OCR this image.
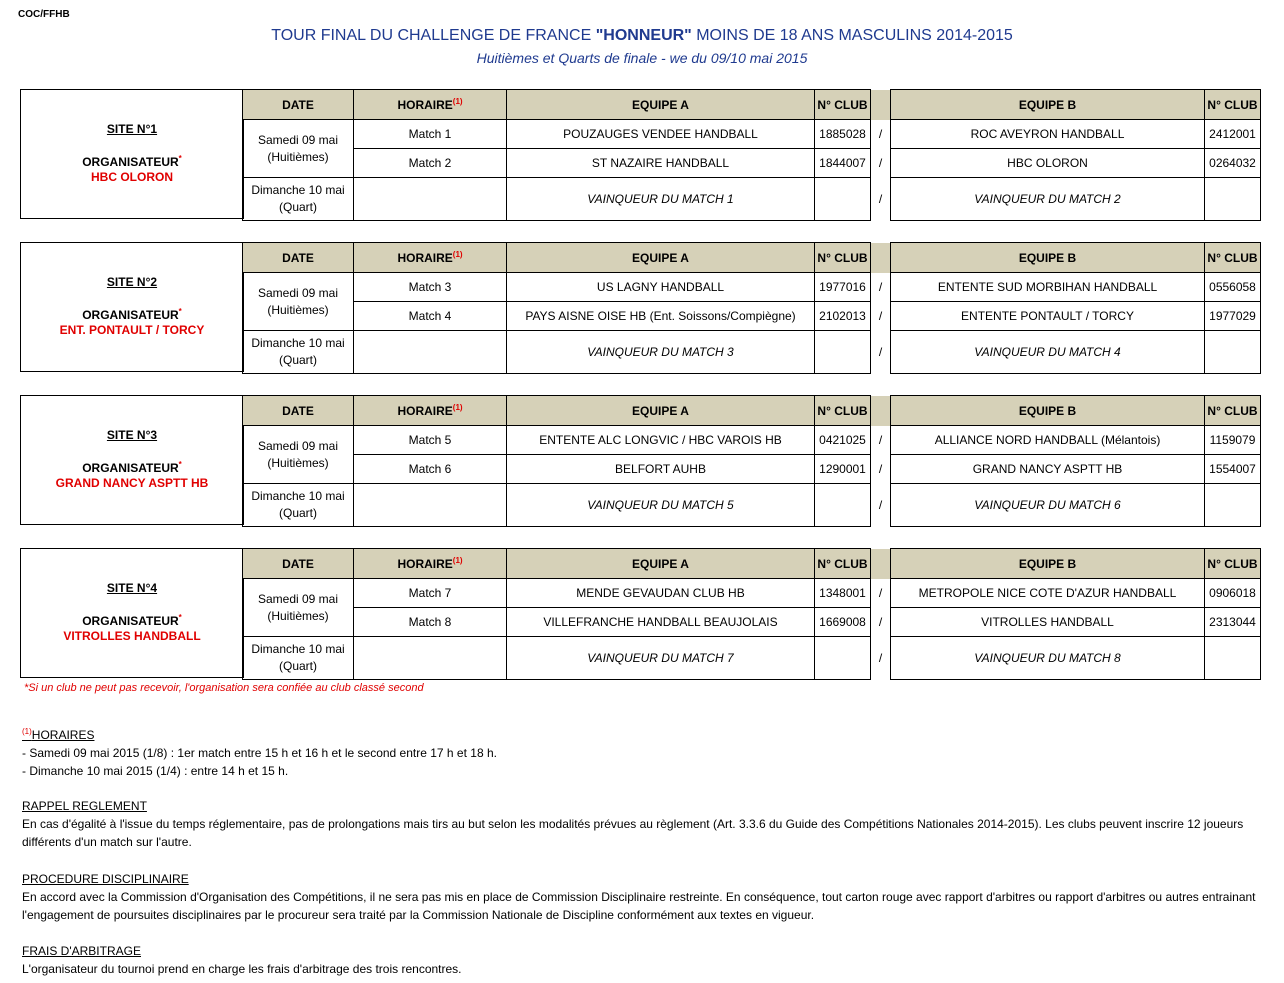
COC/FFHB
TOUR FINAL DU CHALLENGE DE FRANCE "HONNEUR" MOINS DE 18 ANS MASCULINS 2014-2015
Huitièmes et Quarts de finale - we du 09/10 mai 2015
SITE N°1
ORGANISATEUR*
HBC OLORON
DATE	HORAIRE$^{(1)}$	EQUIPE A	N° CLUB		EQUIPE B	N° CLUB
Samedi 09 mai (Huitièmes)	Match 1	POUZAUGES VENDEE HANDBALL	1885028	/	ROC AVEYRON HANDBALL	2412001
	Match 2	ST NAZAIRE HANDBALL	1844007	/	HBC OLORON	0264032
Dimanche 10 mai (Quart)		VAINQUEUR DU MATCH 1		/	VAINQUEUR DU MATCH 2	
SITE N°2
ORGANISATEUR*
ENT. PONTAULT / TORCY
DATE	HORAIRE$^{(1)}$	EQUIPE A	N° CLUB		EQUIPE B	N° CLUB
Samedi 09 mai (Huitièmes)	Match 3	US LAGNY HANDBALL	1977016	/	ENTENTE SUD MORBIHAN HANDBALL	0556058
	Match 4	PAYS AISNE OISE HB (Ent. Soissons/Compiègne)	2102013	/	ENTENTE PONTAULT / TORCY	1977029
Dimanche 10 mai (Quart)		VAINQUEUR DU MATCH 3		/	VAINQUEUR DU MATCH 4	
SITE N°3
ORGANISATEUR*
GRAND NANCY ASPTT HB
DATE	HORAIRE$^{(1)}$	EQUIPE A	N° CLUB		EQUIPE B	N° CLUB
Samedi 09 mai (Huitièmes)	Match 5	ENTENTE ALC LONGVIC / HBC VAROIS HB	0421025	/	ALLIANCE NORD HANDBALL (Mélantois)	1159079
	Match 6	BELFORT AUHB	1290001	/	GRAND NANCY ASPTT HB	1554007
Dimanche 10 mai (Quart)		VAINQUEUR DU MATCH 5		/	VAINQUEUR DU MATCH 6	
SITE N°4
ORGANISATEUR*
VITROLLES HANDBALL
DATE	HORAIRE$^{(1)}$	EQUIPE A	N° CLUB		EQUIPE B	N° CLUB
Samedi 09 mai (Huitièmes)	Match 7	MENDE GEVAUDAN CLUB HB	1348001	/	METROPOLE NICE COTE D'AZUR HANDBALL	0906018
	Match 8	VILLEFRANCHE HANDBALL BEAUJOLAIS	1669008	/	VITROLLES HANDBALL	2313044
Dimanche 10 mai (Quart)		VAINQUEUR DU MATCH 7		/	VAINQUEUR DU MATCH 8	
*Si un club ne peut pas recevoir, l'organisation sera confiée au club classé second
$^{(1)}$HORAIRES
- Samedi 09 mai 2015 (1/8) : 1er match entre 15 h et 16 h et le second entre 17 h et 18 h.
- Dimanche 10 mai 2015 (1/4) : entre 14 h et 15 h.
RAPPEL REGLEMENT
En cas d'égalité à l'issue du temps réglementaire, pas de prolongations mais tirs au but selon les modalités prévues au règlement (Art. 3.3.6 du Guide des Compétitions Nationales 2014-2015). Les clubs peuvent inscrire 12 joueurs
différents d'un match sur l'autre.
PROCEDURE DISCIPLINAIRE
En accord avec la Commission d'Organisation des Compétitions, il ne sera pas mis en place de Commission Disciplinaire restreinte. En conséquence, tout carton rouge avec rapport d'arbitres ou rapport d'arbitres ou autres entrainant
l'engagement de poursuites disciplinaires par le procureur sera traité par la Commission Nationale de Discipline conformément aux textes en vigueur.
FRAIS D'ARBITRAGE
L'organisateur du tournoi prend en charge les frais d'arbitrage des trois rencontres.
